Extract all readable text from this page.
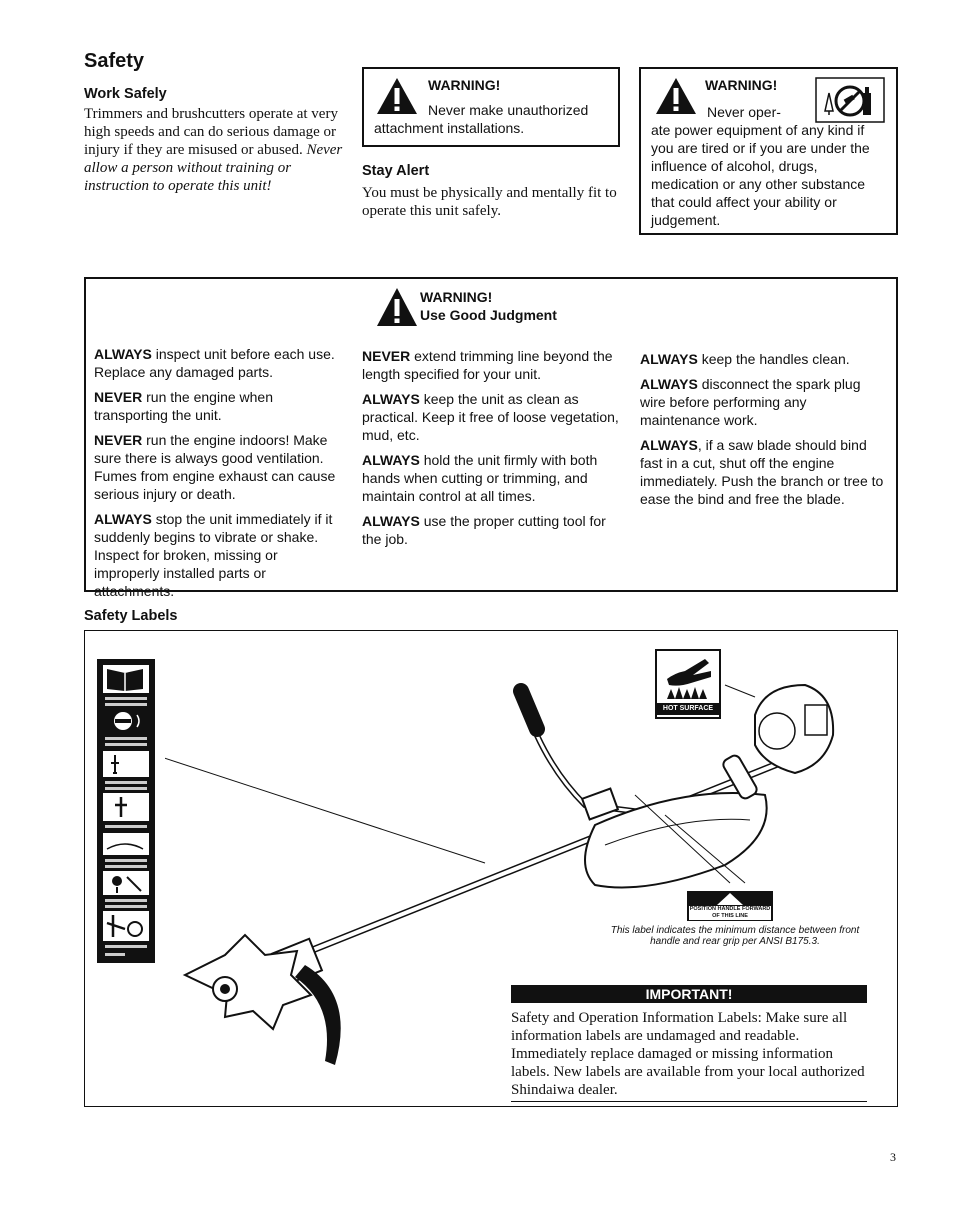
Safety

Work Safely

Trimmers and brushcutters operate at very high speeds and can do serious damage or injury if they are misused or abused. Never allow a person without training or instruction to operate this unit!
WARNING!
Never make unauthorized attachment installations.

Stay Alert

You must be physically and mentally fit to operate this unit safely.
WARNING!
Never oper-
ate power equipment of any kind if you are tired or if you are under the influence of alcohol, drugs, medication or any other substance that could affect your ability or judgement.
WARNING!
Use Good Judgment

ALWAYS inspect unit before each use. Replace any damaged parts.

NEVER run the engine when transporting the unit.

NEVER run the engine indoors! Make sure there is always good ventilation. Fumes from engine exhaust can cause serious injury or death.

ALWAYS stop the unit immediately if it suddenly begins to vibrate or shake. Inspect for broken, missing or improperly installed parts or attachments.

NEVER extend trimming line beyond the length specified for your unit.

ALWAYS keep the unit as clean as practical. Keep it free of loose vegetation, mud, etc.

ALWAYS hold the unit firmly with both hands when cutting or trimming, and maintain control at all times.

ALWAYS use the proper cutting tool for the job.

ALWAYS keep the handles clean.

ALWAYS disconnect the spark plug wire before performing any maintenance work.

ALWAYS, if a saw blade should bind fast in a cut, shut off the engine immediately. Push the branch or tree to ease the bind and free the blade.

Safety Labels

HOT SURFACE
POSITION HANDLE FORWARD OF THIS LINE
This label indicates the minimum distance between front handle and rear grip per ANSI B175.3.
IMPORTANT!
Safety and Operation Information Labels: Make sure all information labels are undamaged and readable. Immediately replace damaged or missing information labels. New labels are available from your local authorized Shindaiwa dealer.
3
